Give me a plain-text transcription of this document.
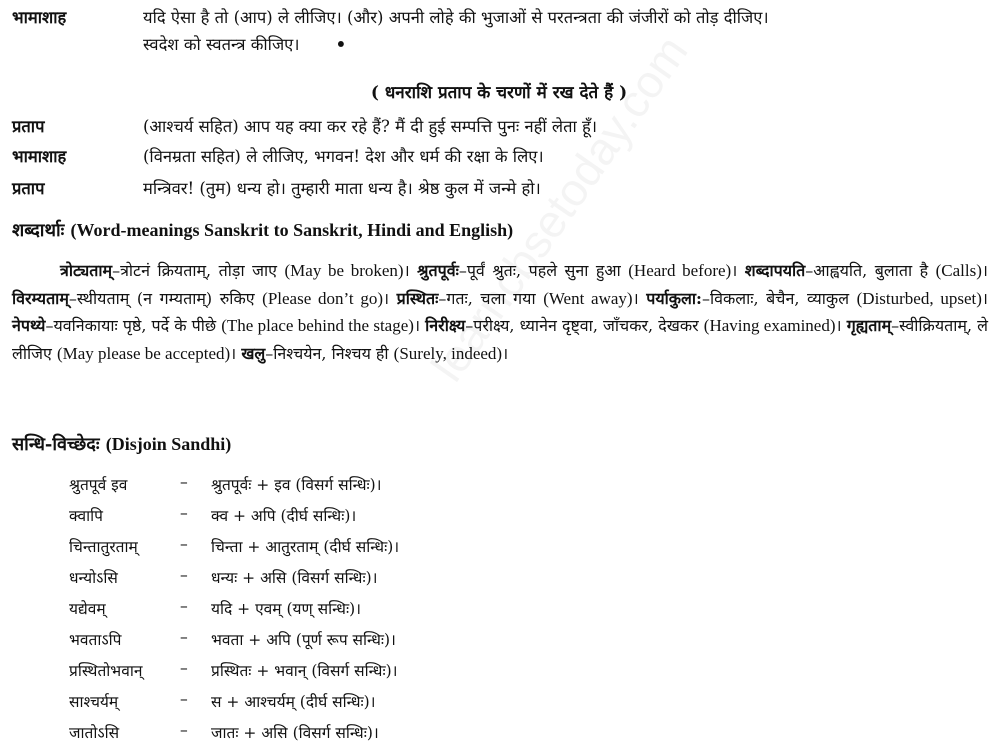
भामाशाह	यदि ऐसा है तो (आप) ले लीजिए। (और) अपनी लोहे की भुजाओं से परतन्त्रता की जंजीरों को तोड़ दीजिए।
स्वदेश को स्वतन्त्र कीजिए। •
( धनराशि प्रताप के चरणों में रख देते हैं )
प्रताप	(आश्चर्य सहित) आप यह क्या कर रहे हैं? मैं दी हुई सम्पत्ति पुनः नहीं लेता हूँ।
भामाशाह	(विनम्रता सहित) ले लीजिए, भगवन! देश और धर्म की रक्षा के लिए।
प्रताप	मन्त्रिवर! (तुम) धन्य हो। तुम्हारी माता धन्य है। श्रेष्ठ कुल में जन्मे हो।
शब्दार्थाः (Word-meanings Sanskrit to Sanskrit, Hindi and English)
त्रोट्यताम्–त्रोटनं क्रियताम्, तोड़ा जाए (May be broken)। श्रुतपूर्वः–पूर्वं श्रुतः, पहले सुना हुआ (Heard before)। शब्दापयति–आह्वयति, बुलाता है (Calls)। विरम्यताम्–स्थीयताम् (न गम्यताम्) रुकिए (Please don’t go)। प्रस्थितः–गतः, चला गया (Went away)। पर्याकुला:–विकलाः, बेचैन, व्याकुल (Disturbed, upset)। नेपथ्ये–यवनिकायाः पृष्ठे, पर्दे के पीछे (The place behind the stage)। निरीक्ष्य–परीक्ष्य, ध्यानेन दृष्ट्वा, जाँचकर, देखकर (Having examined)। गृह्यताम्–स्वीक्रियताम्, ले लीजिए (May please be accepted)। खलु–निश्चयेन, निश्चय ही (Surely, indeed)।
सन्धि-विच्छेदः (Disjoin Sandhi)
श्रुतपूर्व इव	– श्रुतपूर्वः + इव (विसर्ग सन्धिः)।
क्वापि	– क्व + अपि (दीर्घ सन्धिः)।
चिन्तातुरताम्	– चिन्ता + आतुरताम् (दीर्घ सन्धिः)।
धन्योऽसि	– धन्यः + असि (विसर्ग सन्धिः)।
यद्येवम्	– यदि + एवम् (यण् सन्धिः)।
भवताऽपि	– भवता + अपि (पूर्ण रूप सन्धिः)।
प्रस्थितोभवान् – प्रस्थितः + भवान् (विसर्ग सन्धिः)।
साश्चर्यम्	– स + आश्चर्यम् (दीर्घ सन्धिः)।
जातोऽसि	– जातः + असि (विसर्ग सन्धिः)।
